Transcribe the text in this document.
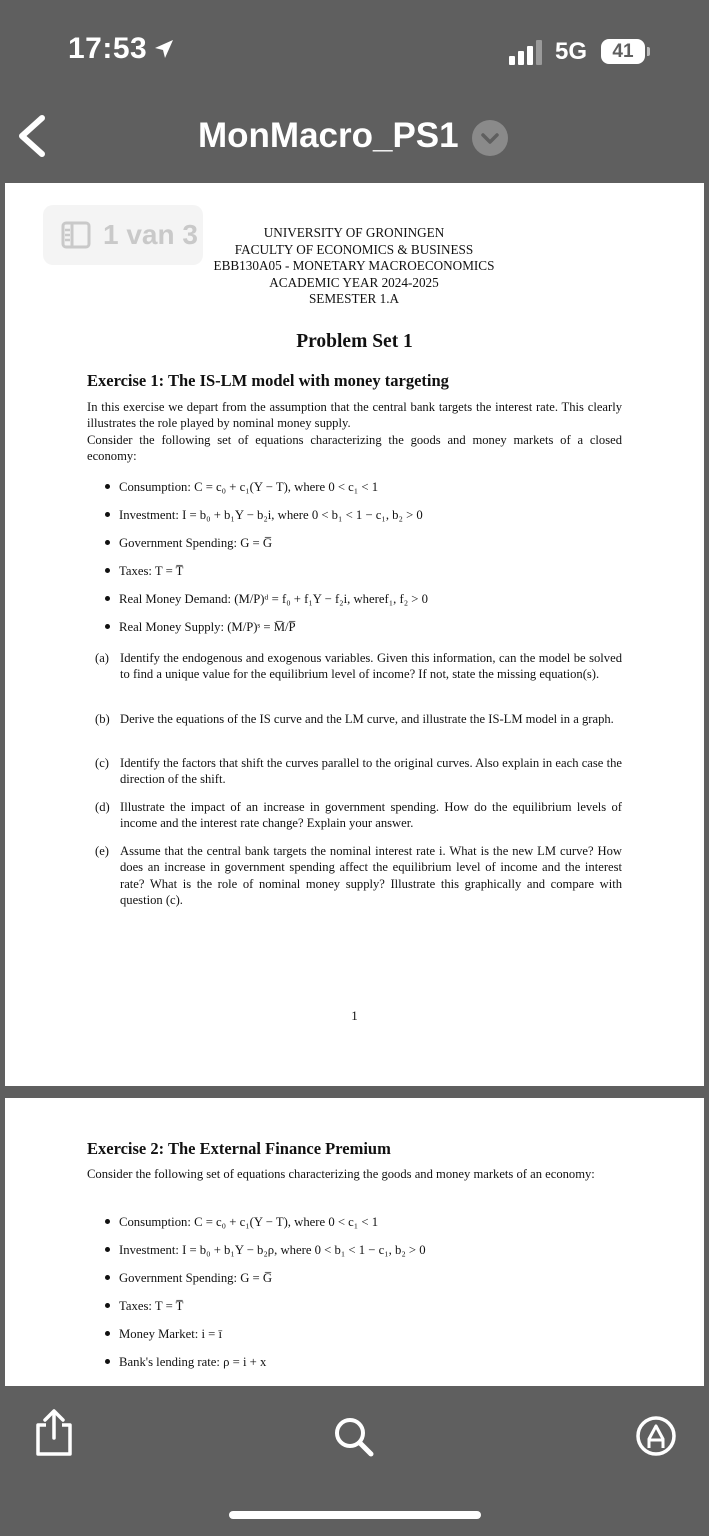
17:53	5G	41
MonMacro_PS1
1 van 3	UNIVERSITY OF GRONINGEN
FACULTY OF ECONOMICS & BUSINESS
EBB130A05 - MONETARY MACROECONOMICS
ACADEMIC YEAR 2024-2025
SEMESTER 1.A
Problem Set 1
Exercise 1: The IS-LM model with money targeting
In this exercise we depart from the assumption that the central bank targets the interest rate. This clearly illustrates the role played by nominal money supply.
Consider the following set of equations characterizing the goods and money markets of a closed economy:
Consumption: C = c₀ + c₁(Y − T), where 0 < c₁ < 1
Investment: I = b₀ + b₁Y − b₂i, where 0 < b₁ < 1 − c₁, b₂ > 0
Government Spending: G = G̅
Taxes: T = T̅
Real Money Demand: (M/P)ᵈ = f₀ + f₁Y − f₂i, wheref₁, f₂ > 0
Real Money Supply: (M/P)ˢ = M̅/P̅
(a) Identify the endogenous and exogenous variables. Given this information, can the model be solved to find a unique value for the equilibrium level of income? If not, state the missing equation(s).
(b) Derive the equations of the IS curve and the LM curve, and illustrate the IS-LM model in a graph.
(c) Identify the factors that shift the curves parallel to the original curves. Also explain in each case the direction of the shift.
(d) Illustrate the impact of an increase in government spending. How do the equilibrium levels of income and the interest rate change? Explain your answer.
(e) Assume that the central bank targets the nominal interest rate i. What is the new LM curve? How does an increase in government spending affect the equilibrium level of income and the interest rate? What is the role of nominal money supply? Illustrate this graphically and compare with question (c).
1
Exercise 2: The External Finance Premium
Consider the following set of equations characterizing the goods and money markets of an economy:
Consumption: C = c₀ + c₁(Y − T), where 0 < c₁ < 1
Investment: I = b₀ + b₁Y − b₂ρ, where 0 < b₁ < 1 − c₁, b₂ > 0
Government Spending: G = G̅
Taxes: T = T̅
Money Market: i = ī
Bank's lending rate: ρ = i + x
